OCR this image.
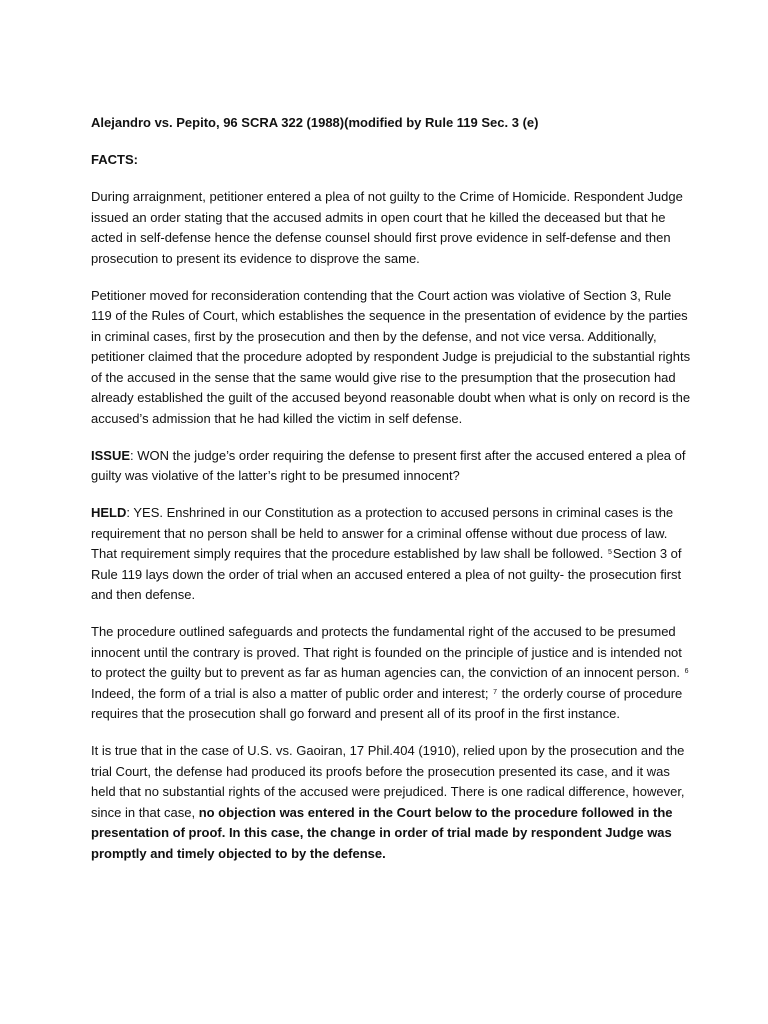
Alejandro vs. Pepito, 96 SCRA 322 (1988)(modified by Rule 119 Sec. 3 (e)

FACTS:

During arraignment, petitioner entered a plea of not guilty to the Crime of Homicide. Respondent Judge issued an order stating that the accused admits in open court that he killed the deceased but that he acted in self-defense hence the defense counsel should first prove evidence in self-defense and then prosecution to present its evidence to disprove the same.

Petitioner moved for reconsideration contending that the Court action was violative of Section 3, Rule 119 of the Rules of Court, which establishes the sequence in the presentation of evidence by the parties in criminal cases, first by the prosecution and then by the defense, and not vice versa. Additionally, petitioner claimed that the procedure adopted by respondent Judge is prejudicial to the substantial rights of the accused in the sense that the same would give rise to the presumption that the prosecution had already established the guilt of the accused beyond reasonable doubt when what is only on record is the accused’s admission that he had killed the victim in self defense.

ISSUE: WON the judge’s order requiring the defense to present first after the accused entered a plea of guilty was violative of the latter’s right to be presumed innocent?

HELD: YES. Enshrined in our Constitution as a protection to accused persons in criminal cases is the requirement that no person shall be held to answer for a criminal offense without due process of law. That requirement simply requires that the procedure established by law shall be followed. $^5$Section 3 of Rule 119 lays down the order of trial when an accused entered a plea of not guilty- the prosecution first and then defense.

The procedure outlined safeguards and protects the fundamental right of the accused to be presumed innocent until the contrary is proved. That right is founded on the principle of justice and is intended not to protect the guilty but to prevent as far as human agencies can, the conviction of an innocent person. $^6$ Indeed, the form of a trial is also a matter of public order and interest; $^7$ the orderly course of procedure requires that the prosecution shall go forward and present all of its proof in the first instance.

It is true that in the case of U.S. vs. Gaoiran, 17 Phil.404 (1910), relied upon by the prosecution and the trial Court, the defense had produced its proofs before the prosecution presented its case, and it was held that no substantial rights of the accused were prejudiced. There is one radical difference, however, since in that case, no objection was entered in the Court below to the procedure followed in the presentation of proof. In this case, the change in order of trial made by respondent Judge was promptly and timely objected to by the defense.
